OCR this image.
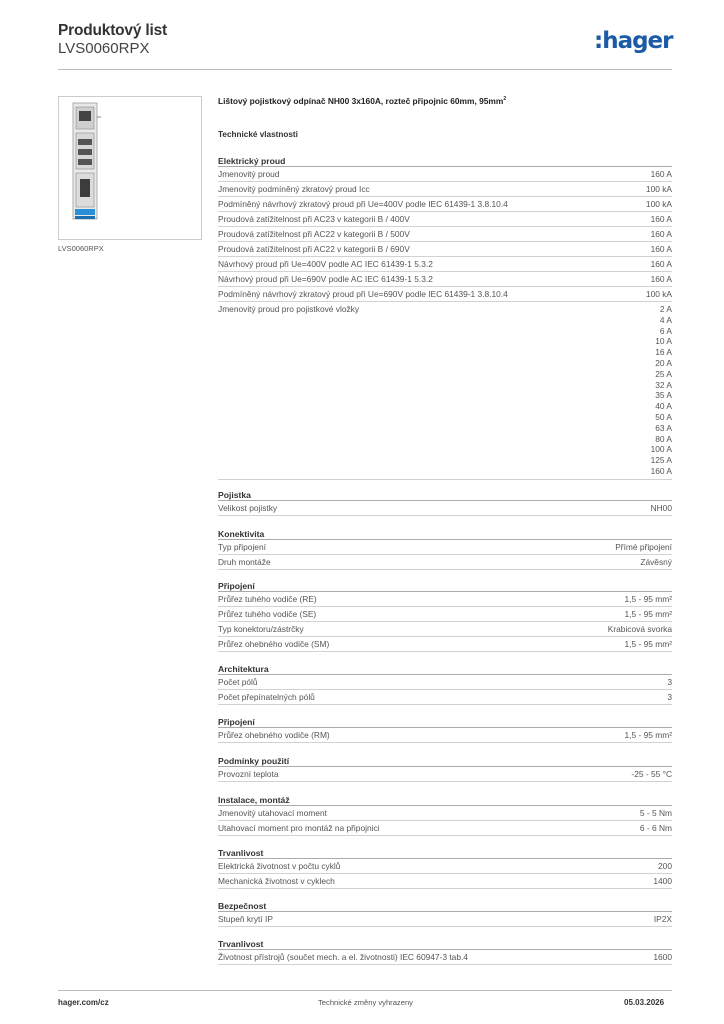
Produktový list
LVS0060RPX	:hager
LVS0060RPX
Lištový pojistkový odpínač NH00 3x160A, rozteč připojnic 60mm, $95mm^2$
Technické vlastnosti
Elektrický proud
Jmenovitý proud	160 A
Jmenovitý podmíněný zkratový proud Icc	100 kA
Podmíněný návrhový zkratový proud při Ue=400V podle IEC 61439-1 3.8.10.4	100 kA
Proudová zatížitelnost při AC23 v kategorii B / 400V	160 A
Proudová zatížitelnost při AC22 v kategorii B / 500V	160 A
Proudová zatížitelnost při AC22 v kategorii B / 690V	160 A
Návrhový proud při Ue=400V podle AC IEC 61439-1 5.3.2	160 A
Návrhový proud při Ue=690V podle AC IEC 61439-1 5.3.2	160 A
Podmíněný návrhový zkratový proud při Ue=690V podle IEC 61439-1 3.8.10.4	100 kA
Jmenovitý proud pro pojistkové vložky	2 A
4 A
6 A
10 A
16 A
20 A
25 A
32 A
35 A
40 A
50 A
63 A
80 A
100 A
125 A
160 A
Pojistka
Velikost pojistky	NH00
Konektivita
Typ připojení	Přímé připojení
Druh montáže	Závěsný
Připojení
Průřez tuhého vodiče (RE)	1,5 - 95 mm²
Průřez tuhého vodiče (SE)	1,5 - 95 mm²
Typ konektoru/zástrčky	Krabicová svorka
Průřez ohebného vodiče (SM)	1,5 - 95 mm²
Architektura
Počet pólů	3
Počet přepínatelných pólů	3
Připojení
Průřez ohebného vodiče (RM)	1,5 - 95 mm²
Podmínky použití
Provozní teplota	-25 - 55 °C
Instalace, montáž
Jmenovitý utahovací moment	5 - 5 Nm
Utahovací moment pro montáž na připojnici	6 - 6 Nm
Trvanlivost
Elektrická životnost v počtu cyklů	200
Mechanická životnost v cyklech	1400
Bezpečnost
Stupeň krytí IP	IP2X
Trvanlivost
Životnost přístrojů (součet mech. a el. životnosti) IEC 60947-3 tab.4	1600
hager.com/cz	Technické změny vyhrazeny	05.03.2026
